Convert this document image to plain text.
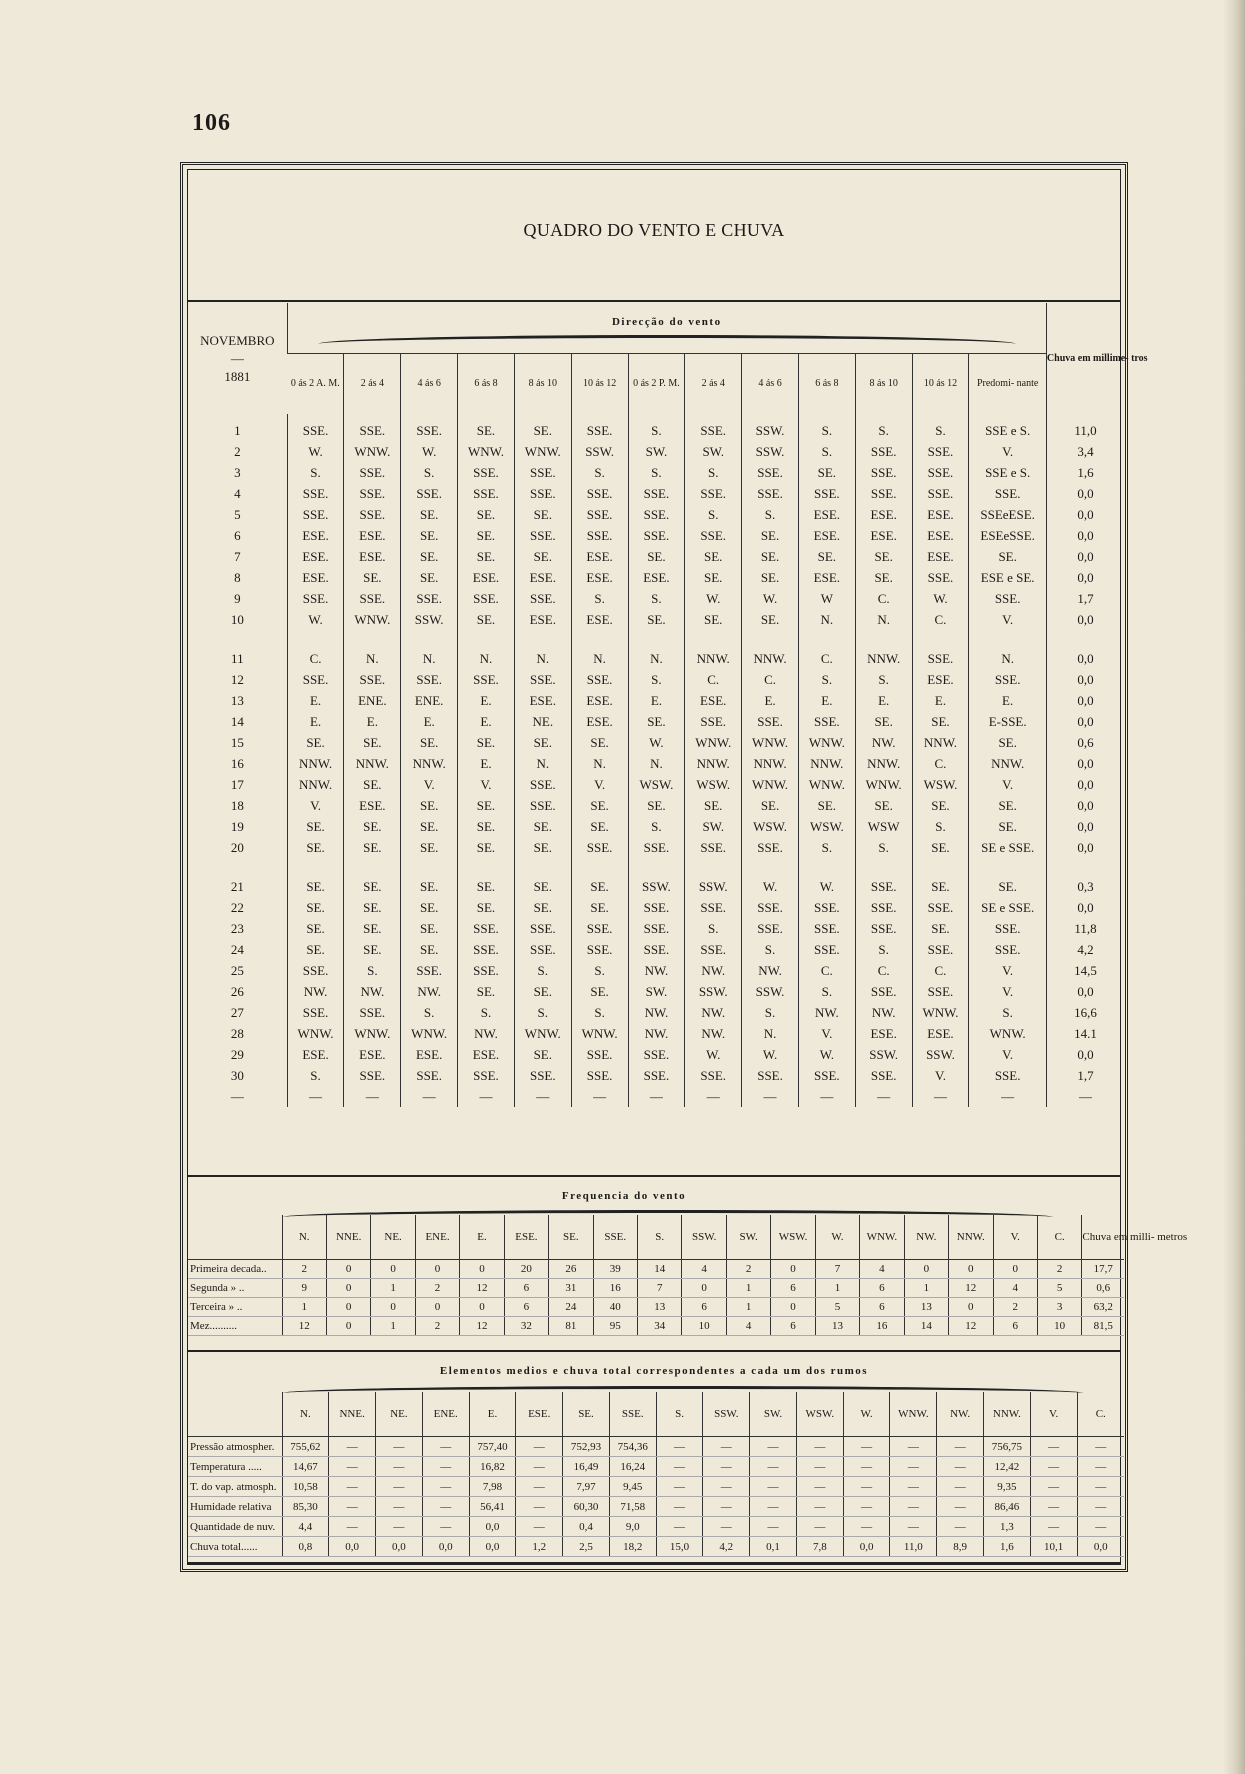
106
QUADRO DO VENTO E CHUVA
NOVEMBRO
—
1881	Direcção do vento													Chuva em millime- tros
	0 ás 2 A. M.	2 ás 4	4 ás 6	6 ás 8	8 ás 10	10 ás 12	0 ás 2 P. M.	2 ás 4	4 ás 6	6 ás 8	8 ás 10	10 ás 12	Predomi- nante	
1	SSE.	SSE.	SSE.	SE.	SE.	SSE.	S.	SSE.	SSW.	S.	S.	S.	SSE e S.	11,0
2	W.	WNW.	W.	WNW.	WNW.	SSW.	SW.	SW.	SSW.	S.	SSE.	SSE.	V.	3,4
3	S.	SSE.	S.	SSE.	SSE.	S.	S.	S.	SSE.	SE.	SSE.	SSE.	SSE e S.	1,6
4	SSE.	SSE.	SSE.	SSE.	SSE.	SSE.	SSE.	SSE.	SSE.	SSE.	SSE.	SSE.	SSE.	0,0
5	SSE.	SSE.	SE.	SE.	SE.	SSE.	SSE.	S.	S.	ESE.	ESE.	ESE.	SSEeESE.	0,0
6	ESE.	ESE.	SE.	SE.	SSE.	SSE.	SSE.	SSE.	SE.	ESE.	ESE.	ESE.	ESEeSSE.	0,0
7	ESE.	ESE.	SE.	SE.	SE.	ESE.	SE.	SE.	SE.	SE.	SE.	ESE.	SE.	0,0
8	ESE.	SE.	SE.	ESE.	ESE.	ESE.	ESE.	SE.	SE.	ESE.	SE.	SSE.	ESE e SE.	0,0
9	SSE.	SSE.	SSE.	SSE.	SSE.	S.	S.	W.	W.	W	C.	W.	SSE.	1,7
10	W.	WNW.	SSW.	SE.	ESE.	ESE.	SE.	SE.	SE.	N.	N.	C.	V.	0,0

11	C.	N.	N.	N.	N.	N.	N.	NNW.	NNW.	C.	NNW.	SSE.	N.	0,0
12	SSE.	SSE.	SSE.	SSE.	SSE.	SSE.	S.	C.	C.	S.	S.	ESE.	SSE.	0,0
13	E.	ENE.	ENE.	E.	ESE.	ESE.	E.	ESE.	E.	E.	E.	E.	E.	0,0
14	E.	E.	E.	E.	NE.	ESE.	SE.	SSE.	SSE.	SSE.	SE.	SE.	E-SSE.	0,0
15	SE.	SE.	SE.	SE.	SE.	SE.	W.	WNW.	WNW.	WNW.	NW.	NNW.	SE.	0,6
16	NNW.	NNW.	NNW.	E.	N.	N.	N.	NNW.	NNW.	NNW.	NNW.	C.	NNW.	0,0
17	NNW.	SE.	V.	V.	SSE.	V.	WSW.	WSW.	WNW.	WNW.	WNW.	WSW.	V.	0,0
18	V.	ESE.	SE.	SE.	SSE.	SE.	SE.	SE.	SE.	SE.	SE.	SE.	SE.	0,0
19	SE.	SE.	SE.	SE.	SE.	SE.	S.	SW.	WSW.	WSW.	WSW	S.	SE.	0,0
20	SE.	SE.	SE.	SE.	SE.	SSE.	SSE.	SSE.	SSE.	S.	S.	SE.	SE e SSE.	0,0

21	SE.	SE.	SE.	SE.	SE.	SE.	SSW.	SSW.	W.	W.	SSE.	SE.	SE.	0,3
22	SE.	SE.	SE.	SE.	SE.	SE.	SSE.	SSE.	SSE.	SSE.	SSE.	SSE.	SE e SSE.	0,0
23	SE.	SE.	SE.	SSE.	SSE.	SSE.	SSE.	S.	SSE.	SSE.	SSE.	SE.	SSE.	11,8
24	SE.	SE.	SE.	SSE.	SSE.	SSE.	SSE.	SSE.	S.	SSE.	S.	SSE.	SSE.	4,2
25	SSE.	S.	SSE.	SSE.	S.	S.	NW.	NW.	NW.	C.	C.	C.	V.	14,5
26	NW.	NW.	NW.	SE.	SE.	SE.	SW.	SSW.	SSW.	S.	SSE.	SSE.	V.	0,0
27	SSE.	SSE.	S.	S.	S.	S.	NW.	NW.	S.	NW.	NW.	WNW.	S.	16,6
28	WNW.	WNW.	WNW.	NW.	WNW.	WNW.	NW.	NW.	N.	V.	ESE.	ESE.	WNW.	14.1
29	ESE.	ESE.	ESE.	ESE.	SE.	SSE.	SSE.	W.	W.	W.	SSW.	SSW.	V.	0,0
30	S.	SSE.	SSE.	SSE.	SSE.	SSE.	SSE.	SSE.	SSE.	SSE.	SSE.	V.	SSE.	1,7
—	—	—	—	—	—	—	—	—	—	—	—	—	—	—
Frequencia do vento
	N.	NNE.	NE.	ENE.	E.	ESE.	SE.	SSE.	S.	SSW.	SW.	WSW.	W.	WNW.	NW.	NNW.	V.	C.	Chuva em milli- metros
Primeira decada..	2	0	0	0	0	20	26	39	14	4	2	0	7	4	0	0	0	2	17,7
Segunda » ..	9	0	1	2	12	6	31	16	7	0	1	6	1	6	1	12	4	5	0,6
Terceira » ..	1	0	0	0	0	6	24	40	13	6	1	0	5	6	13	0	2	3	63,2
Mez..........	12	0	1	2	12	32	81	95	34	10	4	6	13	16	14	12	6	10	81,5
Elementos medios e chuva total correspondentes a cada um dos rumos
	N.	NNE.	NE.	ENE.	E.	ESE.	SE.	SSE.	S.	SSW.	SW.	WSW.	W.	WNW.	NW.	NNW.	V.	C.
Pressão atmospher.	755,62	—	—	—	757,40	—	752,93	754,36	—	—	—	—	—	—	—	756,75	—	—
Temperatura .....	14,67	—	—	—	16,82	—	16,49	16,24	—	—	—	—	—	—	—	12,42	—	—
T. do vap. atmosph.	10,58	—	—	—	7,98	—	7,97	9,45	—	—	—	—	—	—	—	9,35	—	—
Humidade relativa	85,30	—	—	—	56,41	—	60,30	71,58	—	—	—	—	—	—	—	86,46	—	—
Quantidade de nuv.	4,4	—	—	—	0,0	—	0,4	9,0	—	—	—	—	—	—	—	1,3	—	—
Chuva total......	0,8	0,0	0,0	0,0	0,0	1,2	2,5	18,2	15,0	4,2	0,1	7,8	0,0	11,0	8,9	1,6	10,1	0,0
